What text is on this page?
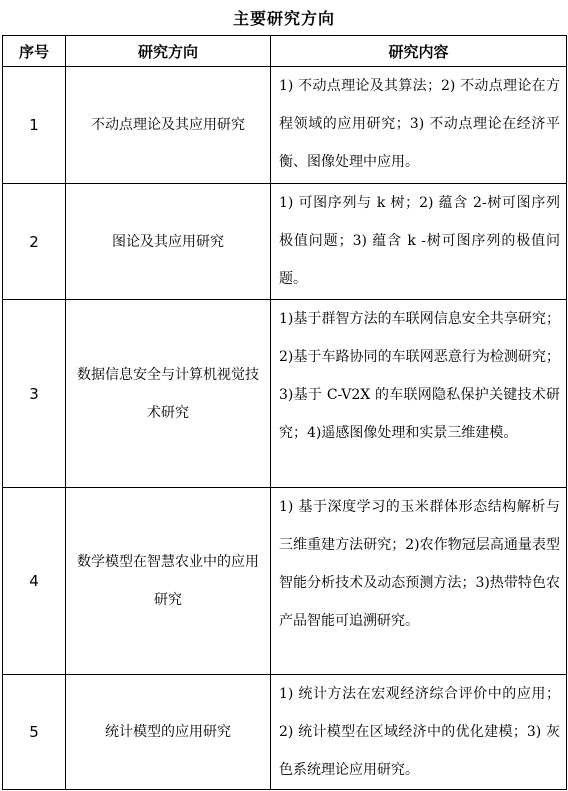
主要研究方向
序号	研究方向	研究内容
1	不动点理论及其应用研究	1) 不动点理论及其算法；2) 不动点理论在方程领域的应用研究；3) 不动点理论在经济平衡、图像处理中应用。
2	图论及其应用研究	1) 可图序列与 k 树；2) 蕴含 2-树可图序列极值问题；3) 蕴含 k -树可图序列的极值问题。
3	数据信息安全与计算机视觉技术研究	1)基于群智方法的车联网信息安全共享研究；2)基于车路协同的车联网恶意行为检测研究；3)基于 C-V2X 的车联网隐私保护关键技术研究；4)遥感图像处理和实景三维建模。
4	数学模型在智慧农业中的应用研究	1) 基于深度学习的玉米群体形态结构解析与三维重建方法研究；2)农作物冠层高通量表型智能分析技术及动态预测方法；3)热带特色农产品智能可追溯研究。
5	统计模型的应用研究	1) 统计方法在宏观经济综合评价中的应用；2) 统计模型在区域经济中的优化建模；3) 灰色系统理论应用研究。
